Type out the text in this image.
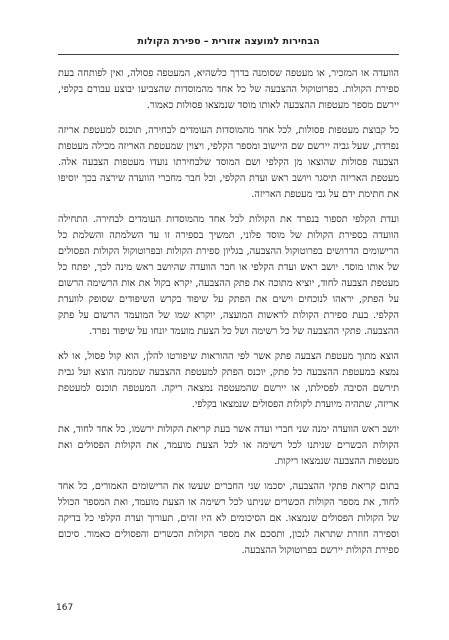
הבחירות למועצה אזורית – ספירת הקולות

הוועדה או המזכיר, או מעטפה שסומנה בדרך כלשהיא, המעטפה פסולה, ואין לפותחה בעת ספירת הקולות. בפרוטוקול ההצבעה של כל אחד מהמוסדות שהצביעו יבוצע עבורם בקלפי, יירשם מספר מעטפות ההצבעה לאותו מוסד שנמצאו פסולות כאמור.

כל קבוצת מעטפות פסולות, לכל אחד מהמוסדות העומדים לבחירה, תוכנס למעטפת אריזה נפרדת, שעל גביה יירשם שם היישוב ומספר הקלפי, ויצוין שמעטפת האריזה מכילה מעטפות הצבעה פסולות שהוצאו מן הקלפי ושם המוסד שלבחירתו נועדו מעטפות הצבעה אלה. מעטפת האריזה תיסגר ויושב ראש ועדת הקלפי, וכל חבר מחברי הוועדה שירצה בכך יוסיפו את חתימת ידם על גבי מעטפת האריזה.

ועדת הקלפי תספור בנפרד את הקולות לכל אחד מהמוסדות העומדים לבחירה. התחילה הוועדה בספירת הקולות של מוסד פלוני, תמשיך בספירה זו עד השלמתה והשלמת כל הרישומים הדרושים בפרוטוקול ההצבעה, בגליון ספירת הקולות ובפרוטוקול הקולות הפסולים של אותו מוסד. יושב ראש ועדת הקלפי או חבר הוועדה שהיושב ראש מינה לכך, יפתח כל מעטפת הצבעה לחוד, יוציא מתוכה את פתק ההצבעה, יקרא בקול את אות הרשימה הרשום על הפתק, יראהו לנוכחים וישים את הפתק על שיפוד בקרש השיפודים שסופק לוועדת הקלפי. בעת ספירת הקולות לראשות המועצה, יוקרא שמו של המועמד הרשום על פתק ההצבעה. פתקי ההצבעה של כל רשימה ושל כל הצעת מועמד יונחו על שיפוד נפרד.

הוצא מתוך מעטפת הצבעה פתק אשר לפי ההוראות שיפורטו להלן, הוא קול פסול, או לא נמצא במעטפת ההצבעה כל פתק, יוכנס הפתק למעטפת ההצבעה שממנה הוצא ועל גבית תירשם הסיבה לפסילתו, או יירשם שהמעטפה נמצאה ריקה. המעטפה תוכנס למעטפת אריזה, שתהיה מיועדת לקולות הפסולים שנמצאו בקלפי.

יושב ראש הוועדה ימנה שני חברי ועדה אשר בעת קריאת הקולות ירשמו, כל אחד לחוד, את הקולות הכשרים שניתנו לכל רשימה או לכל הצעת מועמד, את הקולות הפסולים ואת מעטפות ההצבעה שנמצאו ריקות.

בתום קריאת פתקי ההצבעה, יסכמו שני החברים שעשו את הרישומים האמורים, כל אחד לחוד, את מספר הקולות הכשרים שניתנו לכל רשימה או הצעת מועמד, ואת המספר הכולל של הקולות הפסולים שנמצאו. אם הסיכומים לא היו זהים, תעורוך ועדת הקלפי כל בדיקה וספירה חוזרת שתראה לנכון, ותסכם את מספר הקולות הכשרים והפסולים כאמור. סיכום ספירת הקולות יירשם בפרוטוקול ההצבעה.

167
